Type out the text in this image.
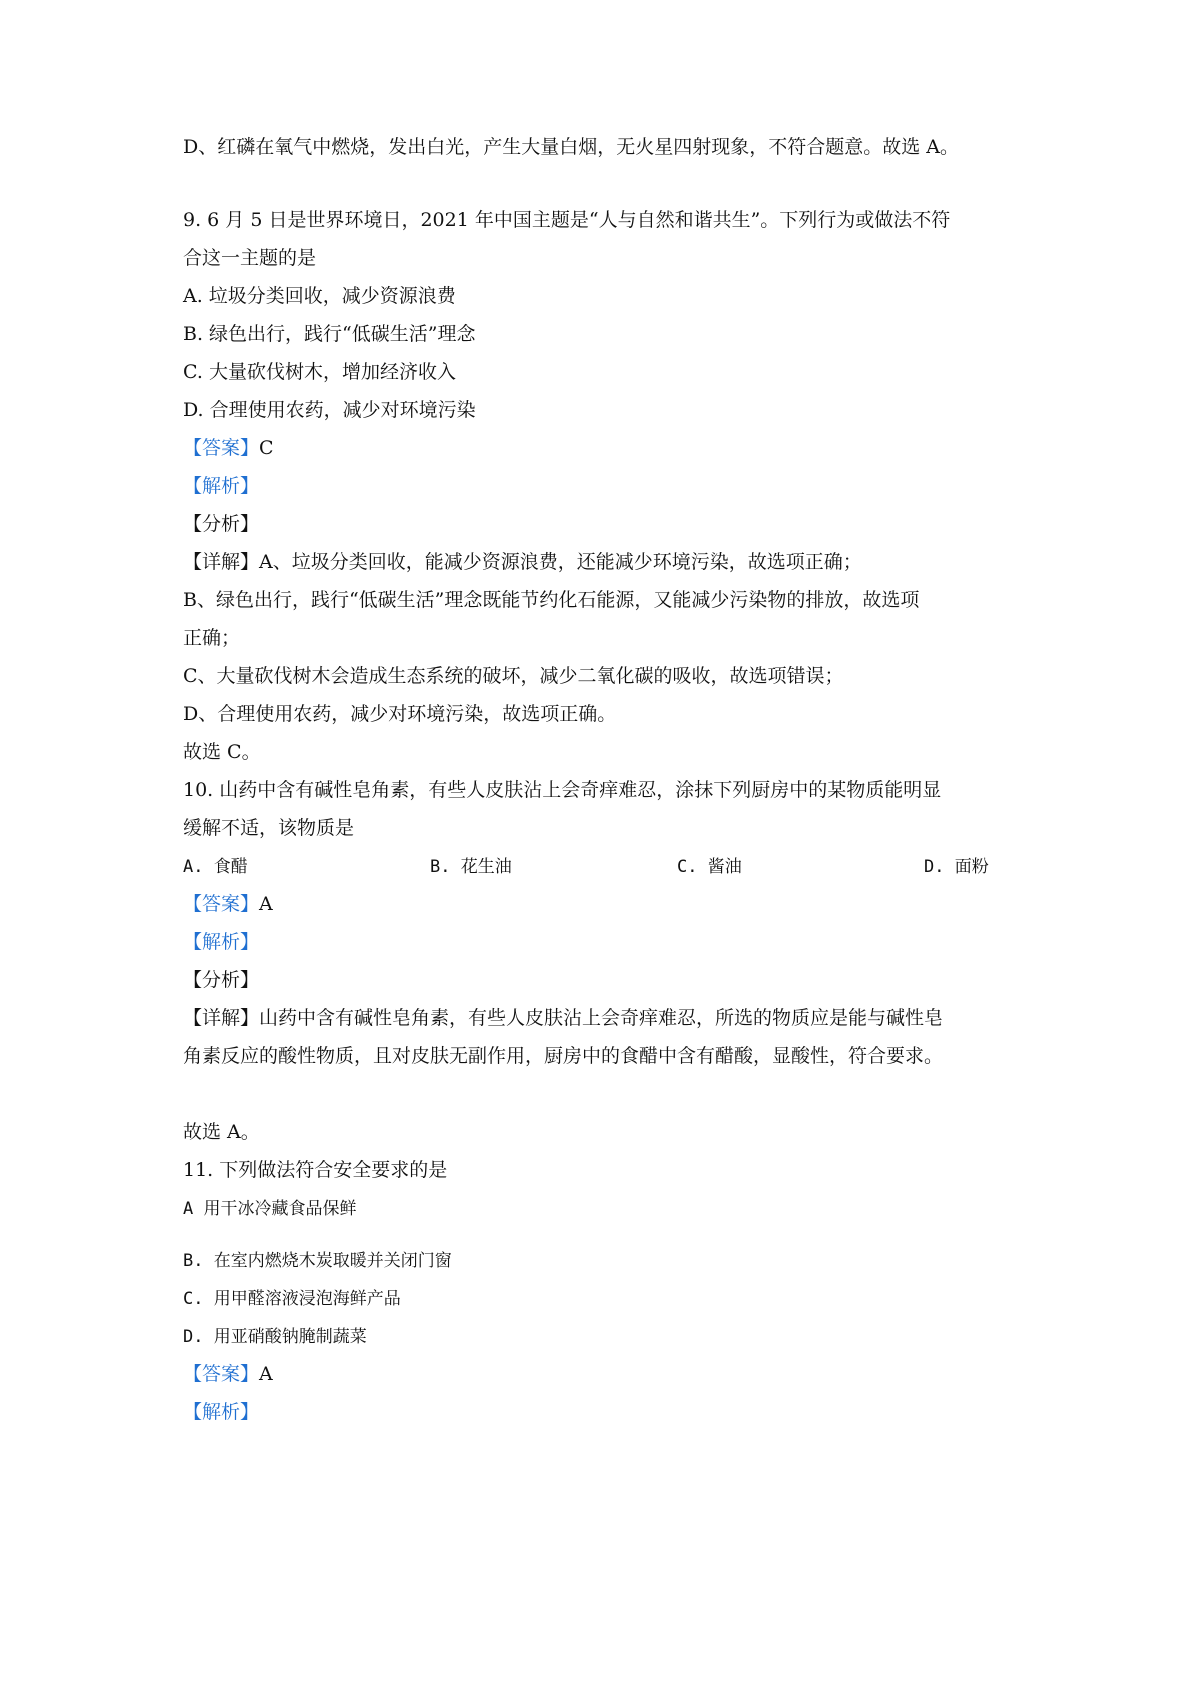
D、红磷在氧气中燃烧，发出白光，产生大量白烟，无火星四射现象，不符合题意。故选 A。

9. 6 月 5 日是世界环境日，2021 年中国主题是“人与自然和谐共生”。下列行为或做法不符

合这一主题的是

A. 垃圾分类回收，减少资源浪费

B. 绿色出行，践行“低碳生活”理念

C. 大量砍伐树木，增加经济收入

D. 合理使用农药，减少对环境污染

【答案】C

【解析】

【分析】

【详解】A、垃圾分类回收，能减少资源浪费，还能减少环境污染，故选项正确；

B、绿色出行，践行“低碳生活”理念既能节约化石能源，又能减少污染物的排放，故选项

正确；

C、大量砍伐树木会造成生态系统的破坏，减少二氧化碳的吸收，故选项错误；

D、合理使用农药，减少对环境污染，故选项正确。

故选 C。

10. 山药中含有碱性皂角素，有些人皮肤沾上会奇痒难忍，涂抹下列厨房中的某物质能明显

缓解不适，该物质是

A. 食醋	B. 花生油	C. 酱油	D. 面粉

【答案】A

【解析】

【分析】

【详解】山药中含有碱性皂角素，有些人皮肤沾上会奇痒难忍，所选的物质应是能与碱性皂

角素反应的酸性物质，且对皮肤无副作用，厨房中的食醋中含有醋酸，显酸性，符合要求。

故选 A。

11. 下列做法符合安全要求的是

A 用干冰冷藏食品保鲜

B. 在室内燃烧木炭取暖并关闭门窗

C. 用甲醛溶液浸泡海鲜产品

D. 用亚硝酸钠腌制蔬菜

【答案】A

【解析】
